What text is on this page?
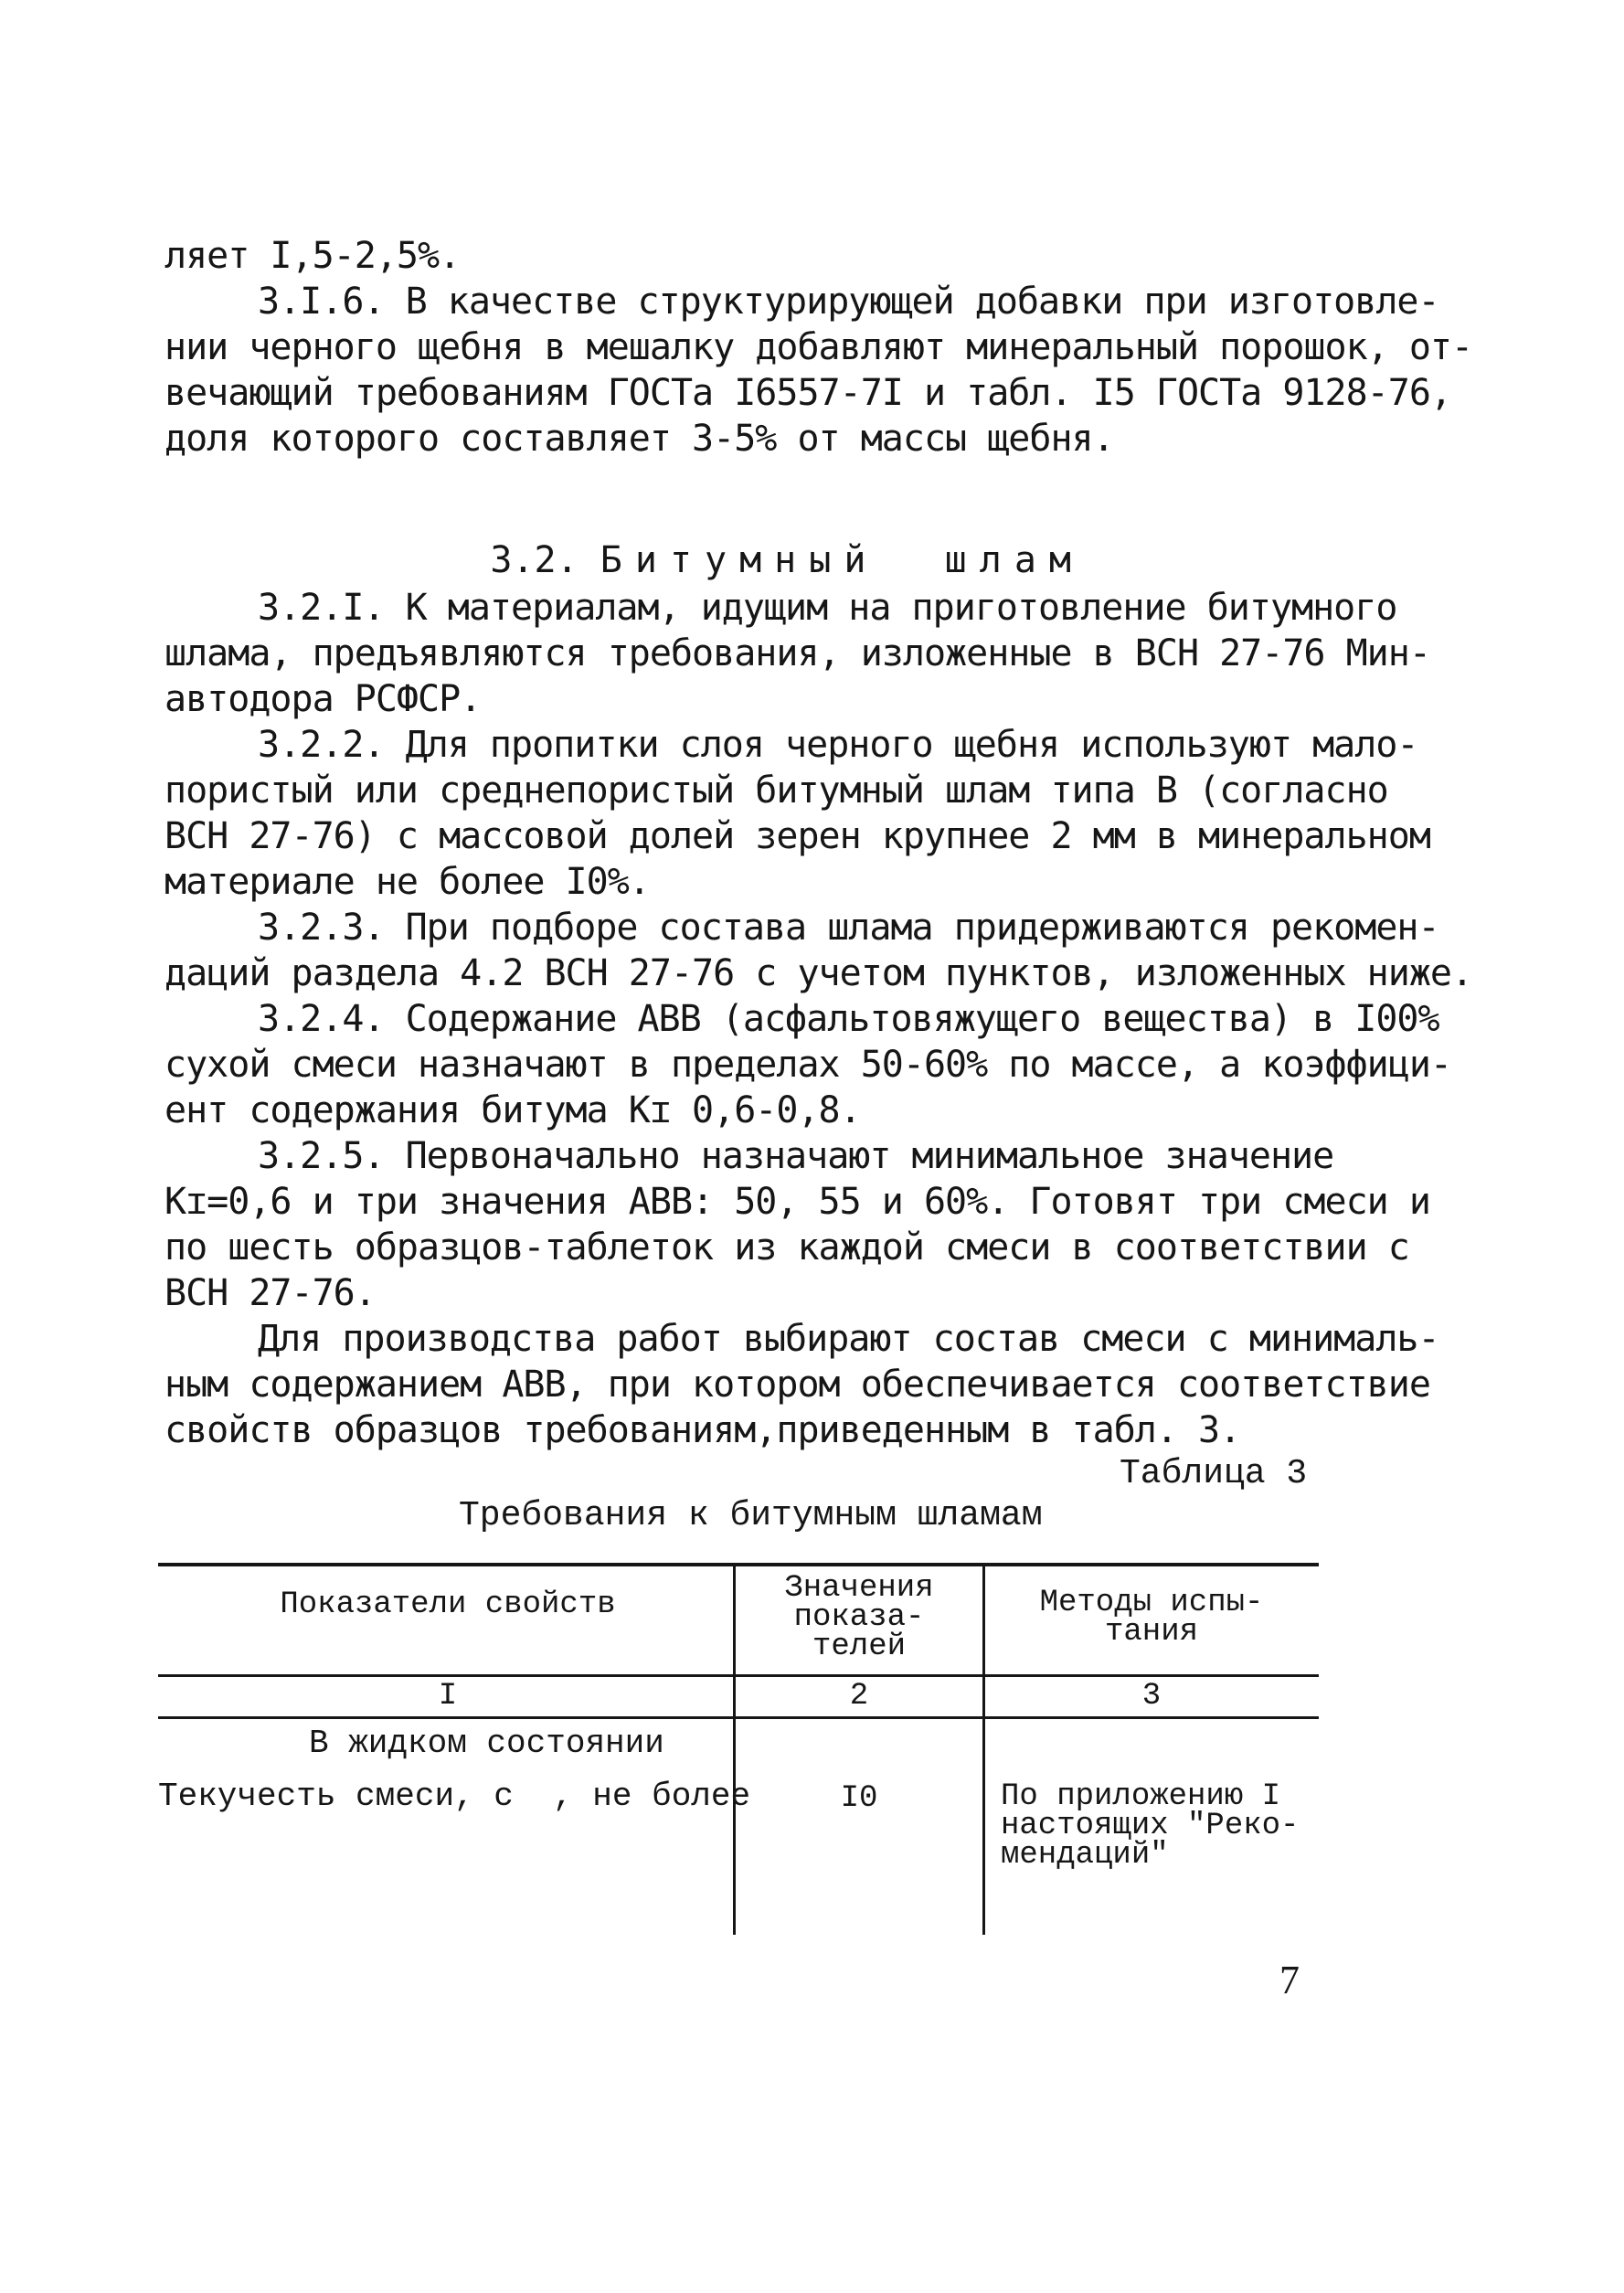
ляет I,5-2,5%.
3.I.6. В качестве структурирующей добавки при изготовле-
нии черного щебня в мешалку добавляют минеральный порошок, от-
вечающий требованиям ГОСТа I6557-7I и табл. I5 ГОСТа 9128-76,
доля которого составляет 3-5% от массы щебня.

3.2. Битумный шлам

3.2.I. К материалам, идущим на приготовление битумного
шлама, предъявляются требования, изложенные в ВСН 27-76 Мин-
автодора РСФСР.
3.2.2. Для пропитки слоя черного щебня используют мало-
пористый или среднепористый битумный шлам типа В (согласно
ВСН 27-76) с массовой долей зерен крупнее 2 мм в минеральном
материале не более I0%.
3.2.3. При подборе состава шлама придерживаются рекомен-
даций раздела 4.2 ВСН 27-76 с учетом пунктов, изложенных ниже.
3.2.4. Содержание АВВ (асфальтовяжущего вещества) в I00%
сухой смеси назначают в пределах 50-60% по массе, а коэффици-
ент содержания битума Кɪ 0,6-0,8.
3.2.5. Первоначально назначают минимальное значение
Кɪ=0,6 и три значения АВВ: 50, 55 и 60%. Готовят три смеси и
по шесть образцов-таблеток из каждой смеси в соответствии с
ВСН 27-76.
Для производства работ выбирают состав смеси с минималь-
ным содержанием АВВ, при котором обеспечивается соответствие
свойств образцов требованиям,приведенным в табл. 3.
Таблица 3
Требования к битумным шламам
Показатели свойств	Значения
показа-
телей
Методы испы-
тания
I	2	3
В жидком состоянии
Текучесть смеси, с  , не более	I0	По приложению I
настоящих "Реко-
мендаций"
7
